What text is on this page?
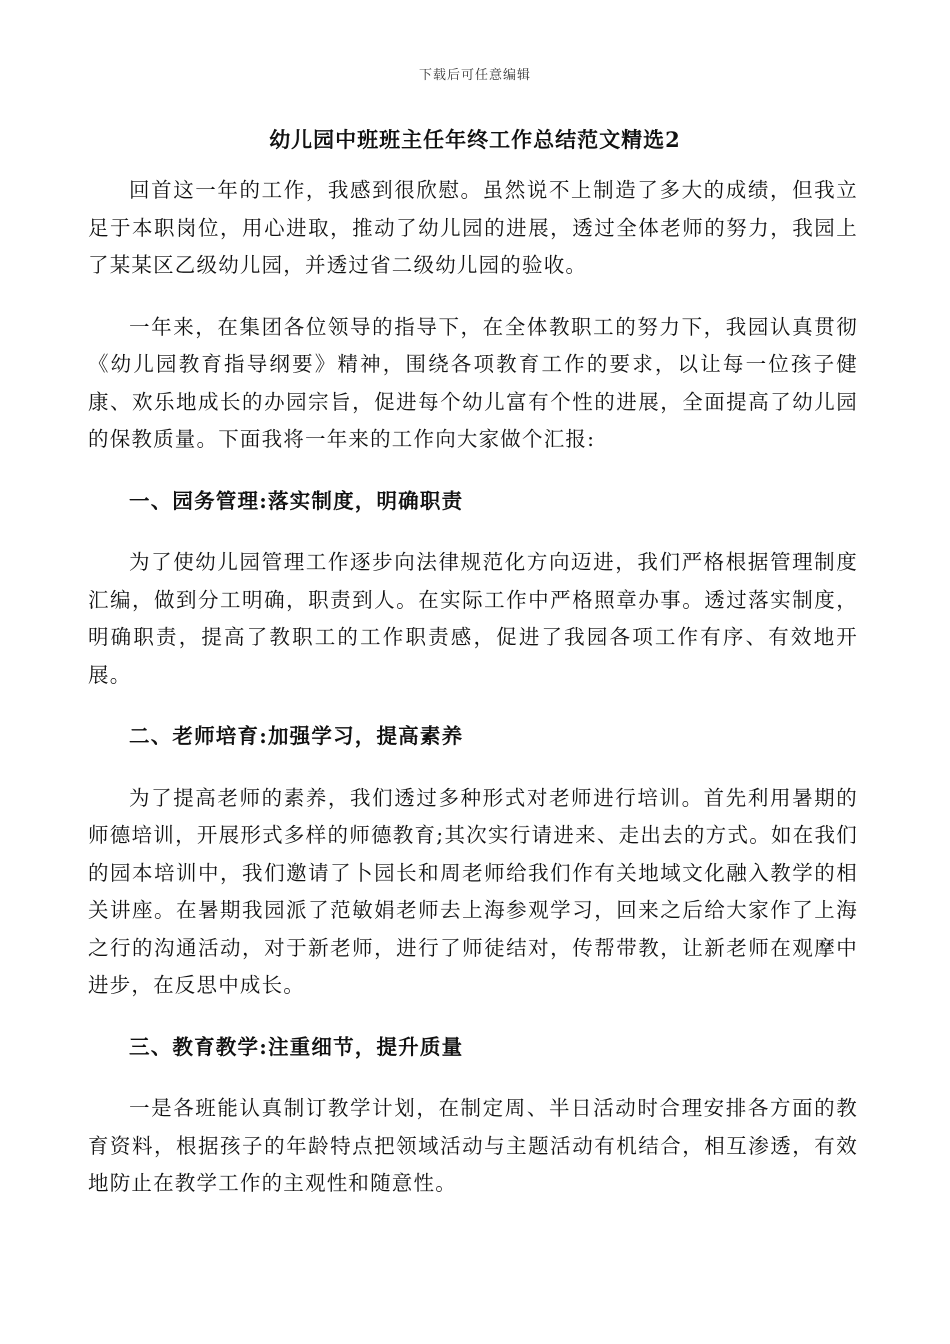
下载后可任意编辑
幼儿园中班班主任年终工作总结范文精选2

回首这一年的工作，我感到很欣慰。虽然说不上制造了多大的成绩，但我立足于本职岗位，用心进取，推动了幼儿园的进展，透过全体老师的努力，我园上了某某区乙级幼儿园，并透过省二级幼儿园的验收。

一年来，在集团各位领导的指导下，在全体教职工的努力下，我园认真贯彻《幼儿园教育指导纲要》精神，围绕各项教育工作的要求，以让每一位孩子健康、欢乐地成长的办园宗旨，促进每个幼儿富有个性的进展，全面提高了幼儿园的保教质量。下面我将一年来的工作向大家做个汇报:

一、园务管理:落实制度，明确职责

为了使幼儿园管理工作逐步向法律规范化方向迈进，我们严格根据管理制度汇编，做到分工明确，职责到人。在实际工作中严格照章办事。透过落实制度，明确职责，提高了教职工的工作职责感，促进了我园各项工作有序、有效地开展。

二、老师培育:加强学习，提高素养

为了提高老师的素养，我们透过多种形式对老师进行培训。首先利用暑期的师德培训，开展形式多样的师德教育;其次实行请进来、走出去的方式。如在我们的园本培训中，我们邀请了卜园长和周老师给我们作有关地域文化融入教学的相关讲座。在暑期我园派了范敏娟老师去上海参观学习，回来之后给大家作了上海之行的沟通活动，对于新老师，进行了师徒结对，传帮带教，让新老师在观摩中进步，在反思中成长。

三、教育教学:注重细节，提升质量

一是各班能认真制订教学计划，在制定周、半日活动时合理安排各方面的教育资料，根据孩子的年龄特点把领域活动与主题活动有机结合，相互渗透，有效地防止在教学工作的主观性和随意性。
